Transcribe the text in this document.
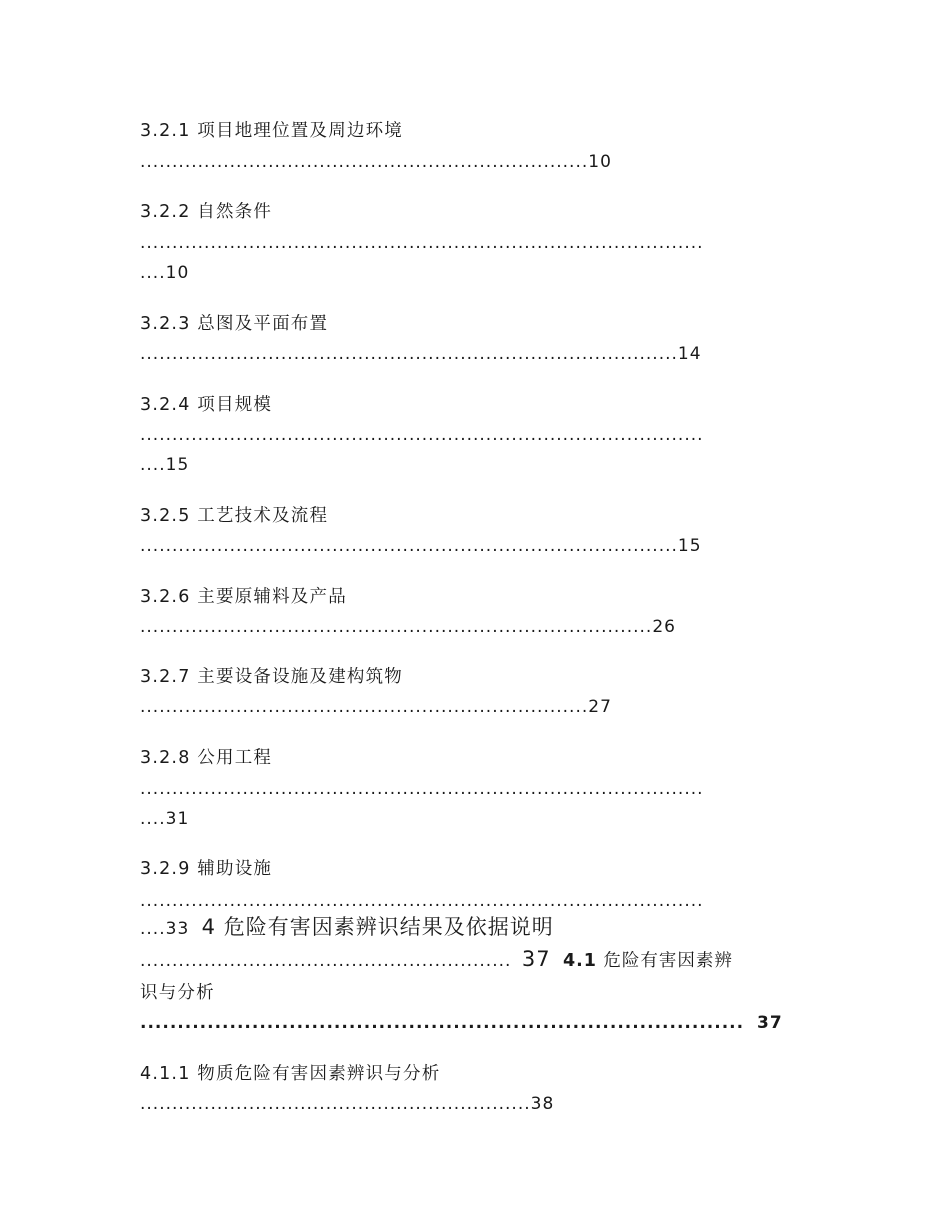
3.2.1 项目地理位置及周边环境
......................................................................10
3.2.2 自然条件
........................................................................................
....10
3.2.3 总图及平面布置
....................................................................................14
3.2.4 项目规模
........................................................................................
....15
3.2.5 工艺技术及流程
....................................................................................15
3.2.6 主要原辅料及产品
................................................................................26
3.2.7 主要设备设施及建构筑物
......................................................................27
3.2.8 公用工程
........................................................................................
....31
3.2.9 辅助设施
........................................................................................
....33 4 危险有害因素辨识结果及依据说明
.......................................................... 37 4.1 危险有害因素辨
识与分析
................................................................................. 37
4.1.1 物质危险有害因素辨识与分析
.............................................................38
